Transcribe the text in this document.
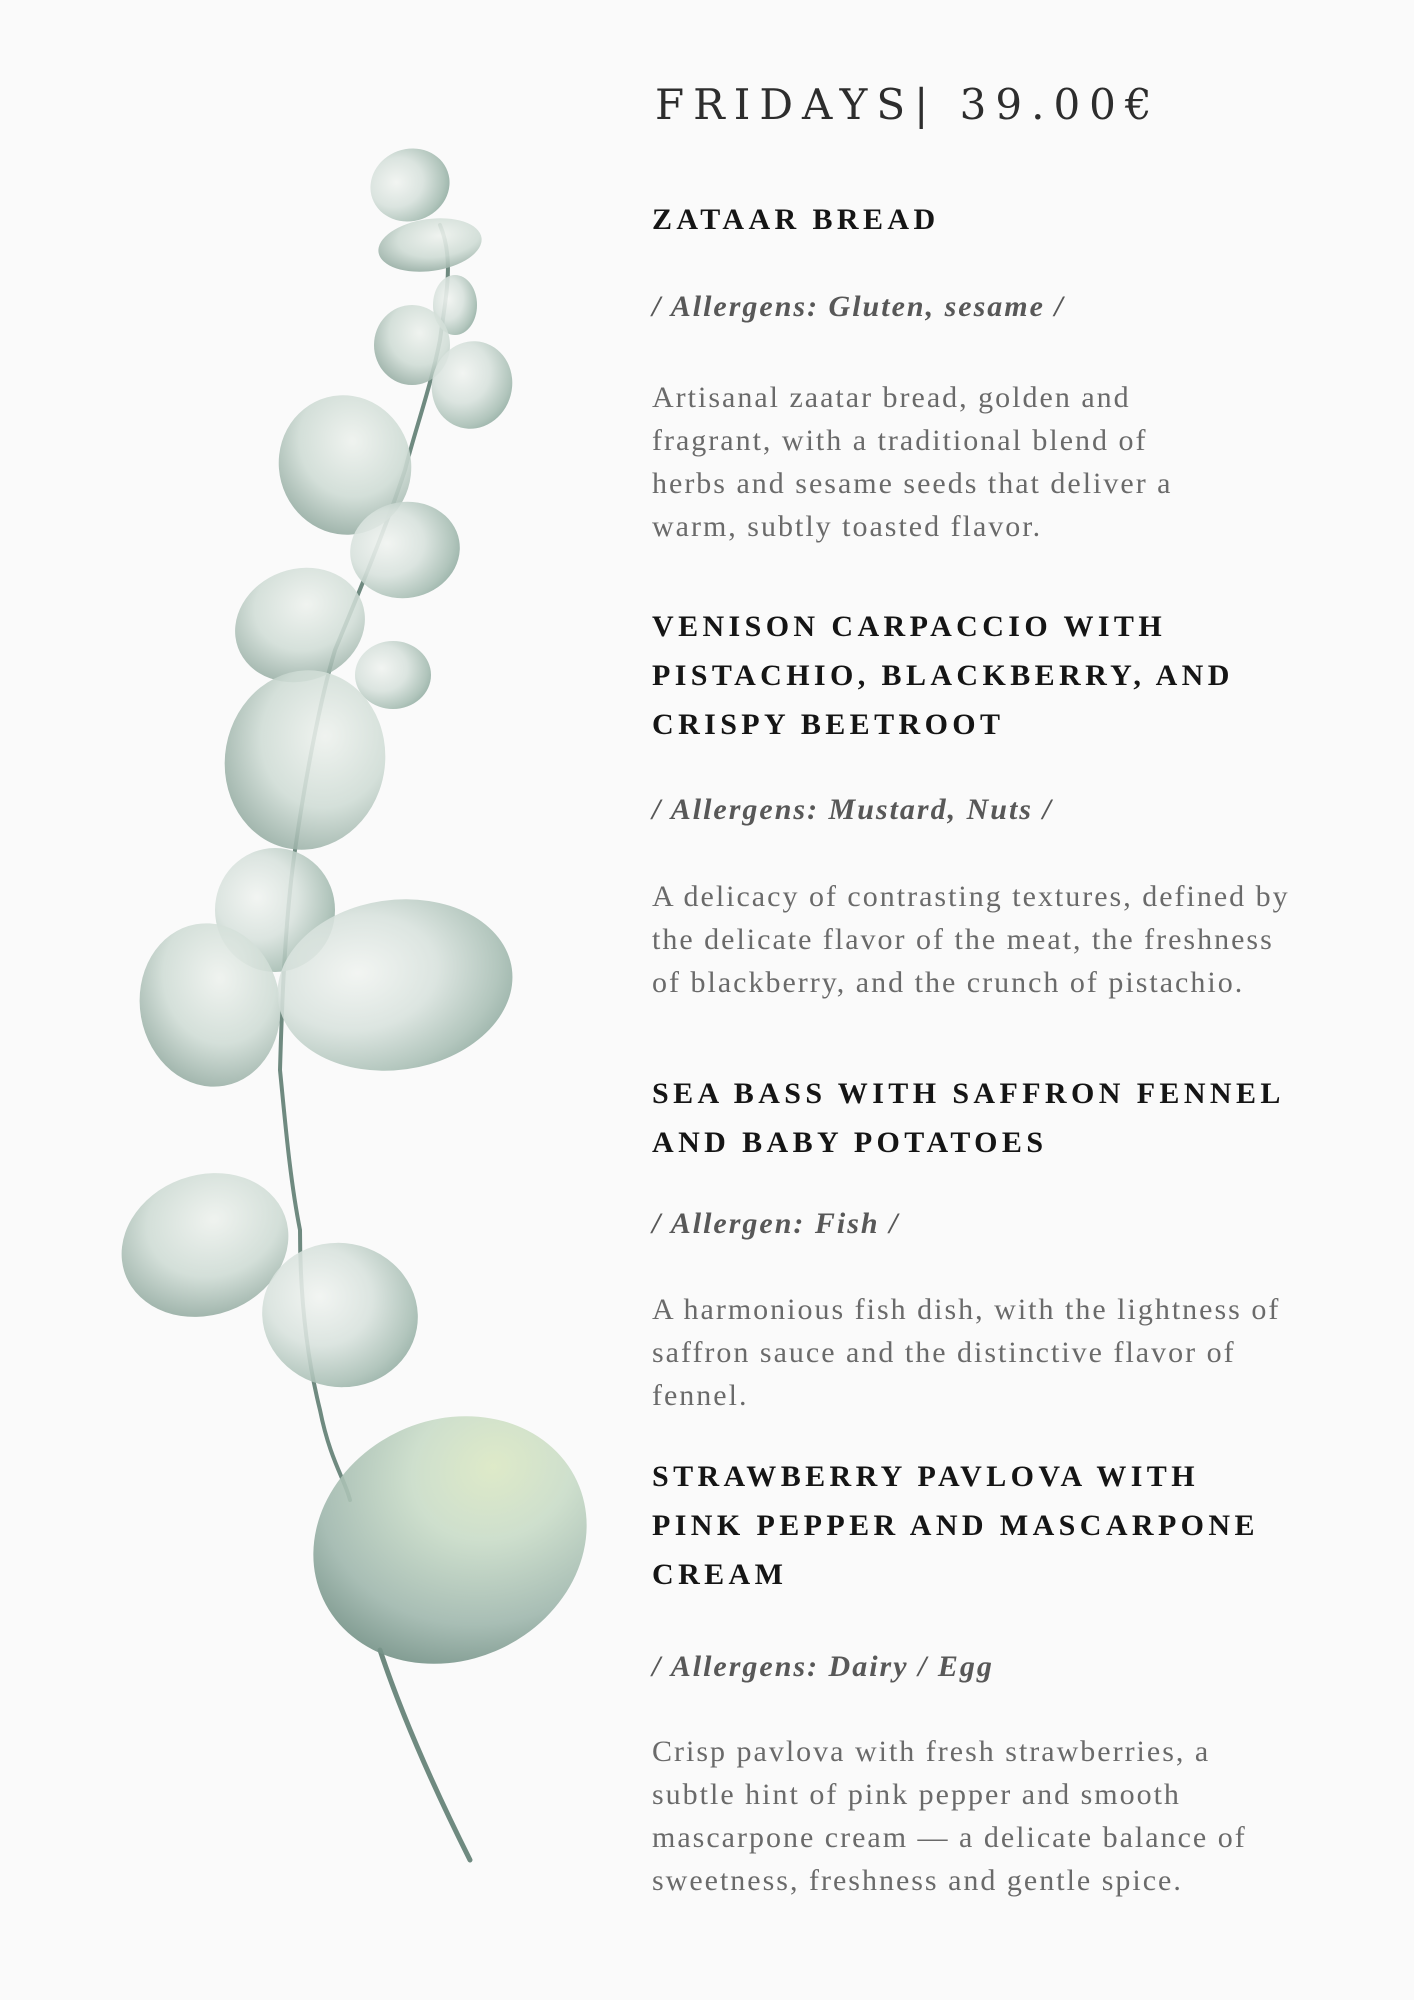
FRIDAYS| 39.00€
ZATAAR BREAD

/ Allergens: Gluten, sesame /

Artisanal zaatar bread, golden and
fragrant, with a traditional blend of
herbs and sesame seeds that deliver a
warm, subtly toasted flavor.

VENISON CARPACCIO WITH
PISTACHIO, BLACKBERRY, AND
CRISPY BEETROOT

/ Allergens: Mustard, Nuts /

A delicacy of contrasting textures, defined by
the delicate flavor of the meat, the freshness
of blackberry, and the crunch of pistachio.

SEA BASS WITH SAFFRON FENNEL
AND BABY POTATOES

/ Allergen: Fish /

A harmonious fish dish, with the lightness of
saffron sauce and the distinctive flavor of
fennel.

STRAWBERRY PAVLOVA WITH
PINK PEPPER AND MASCARPONE
CREAM

/ Allergens: Dairy / Egg

Crisp pavlova with fresh strawberries, a
subtle hint of pink pepper and smooth
mascarpone cream — a delicate balance of
sweetness, freshness and gentle spice.
